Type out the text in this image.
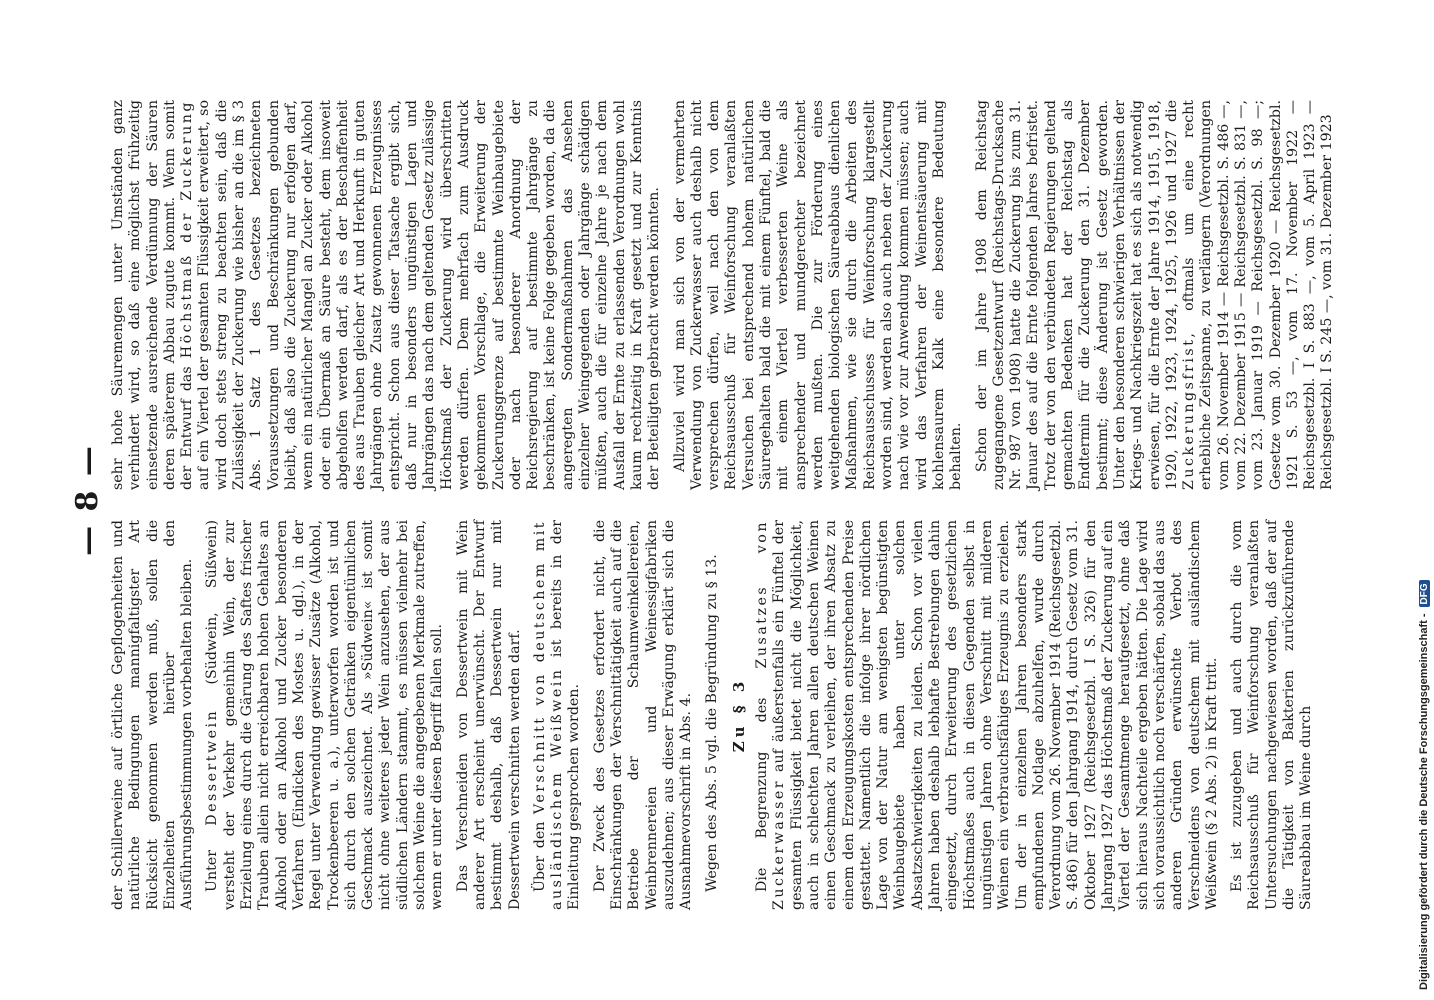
— 8 —

der Schillerweine auf örtliche Gepflogenheiten und natürliche Bedingungen mannigfaltigster Art Rücksicht genommen werden muß, sollen die Einzelheiten hierüber den Ausführungsbestimmungen vorbehalten bleiben. Unter Dessertwein (Südwein, Süßwein) versteht der Verkehr gemeinhin Wein, der zur Erzielung eines durch die Gärung des Saftes frischer Trauben allein nicht erreichbaren hohen Gehaltes an Alkohol oder an Alkohol und Zucker besonderen Verfahren (Eindicken des Mostes u. dgl.), in der Regel unter Verwendung gewisser Zusätze (Alkohol, Trockenbeeren u. a.), unterworfen worden ist und sich durch den solchen Getränken eigentümlichen Geschmack auszeichnet. Als »Südwein« ist somit nicht ohne weiteres jeder Wein anzusehen, der aus südlichen Ländern stammt, es müssen vielmehr bei solchem Weine die angegebenen Merkmale zutreffen, wenn er unter diesen Begriff fallen soll. Das Verschneiden von Dessertwein mit Wein anderer Art erscheint unerwünscht. Der Entwurf bestimmt deshalb, daß Dessertwein nur mit Dessertwein verschnitten werden darf. Über den Verschnitt von deutschem mit ausländischem Weißwein ist bereits in der Einleitung gesprochen worden. Der Zweck des Gesetzes erfordert nicht, die Einschränkungen der Verschnittätigkeit auch auf die Betriebe der Schaumweinkellereien, Weinbrennereien und Weinessigfabriken auszudehnen; aus dieser Erwägung erklärt sich die Ausnahmevorschrift in Abs. 4. Wegen des Abs. 5 vgl. die Begründung zu § 13. Zu § 3 Die Begrenzung des Zusatzes von Zuckerwasser auf äußerstenfalls ein Fünftel der gesamten Flüssigkeit bietet nicht die Möglichkeit, auch in schlechten Jahren allen deutschen Weinen einen Geschmack zu verleihen, der ihren Absatz zu einem den Erzeugungskosten entsprechenden Preise gestattet. Namentlich die infolge ihrer nördlichen Lage von der Natur am wenigsten begünstigten Weinbaugebiete haben unter solchen Absatzschwierigkeiten zu leiden. Schon vor vielen Jahren haben deshalb lebhafte Bestrebungen dahin eingesetzt, durch Erweiterung des gesetzlichen Höchstmaßes auch in diesen Gegenden selbst in ungünstigen Jahren ohne Verschnitt mit milderen Weinen ein verbrauchsfähiges Erzeugnis zu erzielen. Um der in einzelnen Jahren besonders stark empfundenen Notlage abzuhelfen, wurde durch Verordnung vom 26. November 1914 (Reichsgesetzbl. S. 486) für den Jahrgang 1914, durch Gesetz vom 31. Oktober 1927 (Reichsgesetzbl. I S. 326) für den Jahrgang 1927 das Höchstmaß der Zuckerung auf ein Viertel der Gesamtmenge heraufgesetzt, ohne daß sich hieraus Nachteile ergeben hätten. Die Lage wird sich voraussichtlich noch verschärfen, sobald das aus anderen Gründen erwünschte Verbot des Verschneidens von deutschem mit ausländischem Weißwein (§ 2 Abs. 2) in Kraft tritt. Es ist zuzugeben und auch durch die vom Reichsausschuß für Weinforschung veranlaßten Untersuchungen nachgewiesen worden, daß der auf die Tätigkeit von Bakterien zurückzuführende Säureabbau im Weine durch

sehr hohe Säuremengen unter Umständen ganz verhindert wird, so daß eine möglichst frühzeitig einsetzende ausreichende Verdünnung der Säuren deren späterem Abbau zugute kommt. Wenn somit der Entwurf das Höchstmaß der Zuckerung auf ein Viertel der gesamten Flüssigkeit erweitert, so wird doch stets streng zu beachten sein, daß die Zulässigkeit der Zuckerung wie bisher an die im § 3 Abs. 1 Satz 1 des Gesetzes bezeichneten Voraussetzungen und Beschränkungen gebunden bleibt, daß also die Zuckerung nur erfolgen darf, wenn ein natürlicher Mangel an Zucker oder Alkohol oder ein Übermaß an Säure besteht, dem insoweit abgeholfen werden darf, als es der Beschaffenheit des aus Trauben gleicher Art und Herkunft in guten Jahrgängen ohne Zusatz gewonnenen Erzeugnisses entspricht. Schon aus dieser Tatsache ergibt sich, daß nur in besonders ungünstigen Lagen und Jahrgängen das nach dem geltenden Gesetz zulässige Höchstmaß der Zuckerung wird überschritten werden dürfen. Dem mehrfach zum Ausdruck gekommenen Vorschlage, die Erweiterung der Zuckerungsgrenze auf bestimmte Weinbaugebiete oder nach besonderer Anordnung der Reichsregierung auf bestimmte Jahrgänge zu beschränken, ist keine Folge gegeben worden, da die angeregten Sondermaßnahmen das Ansehen einzelner Weingegenden oder Jahrgänge schädigen müßten, auch die für einzelne Jahre je nach dem Ausfall der Ernte zu erlassenden Verordnungen wohl kaum rechtzeitig in Kraft gesetzt und zur Kenntnis der Beteiligten gebracht werden könnten. Allzuviel wird man sich von der vermehrten Verwendung von Zuckerwasser auch deshalb nicht versprechen dürfen, weil nach den von dem Reichsausschuß für Weinforschung veranlaßten Versuchen bei entsprechend hohem natürlichen Säuregehalten bald die mit einem Fünftel, bald die mit einem Viertel verbesserten Weine als ansprechender und mundgerechter bezeichnet werden mußten. Die zur Förderung eines weitgehenden biologischen Säureabbaus dienlichen Maßnahmen, wie sie durch die Arbeiten des Reichsausschusses für Weinforschung klargestellt worden sind, werden also auch neben der Zuckerung nach wie vor zur Anwendung kommen müssen; auch wird das Verfahren der Weinentsäuerung mit kohlensaurem Kalk eine besondere Bedeutung behalten. Schon der im Jahre 1908 dem Reichstag zugegangene Gesetzentwurf (Reichstags-Drucksache Nr. 987 von 1908) hatte die Zuckerung bis zum 31. Januar des auf die Ernte folgenden Jahres befristet. Trotz der von den verbündeten Regierungen geltend gemachten Bedenken hat der Reichstag als Endtermin für die Zuckerung den 31. Dezember bestimmt; diese Änderung ist Gesetz geworden. Unter den besonderen schwierigen Verhältnissen der Kriegs- und Nachkriegszeit hat es sich als notwendig erwiesen, für die Ernte der Jahre 1914, 1915, 1918, 1920, 1922, 1923, 1924, 1925, 1926 und 1927 die Zuckerungsfrist, oftmals um eine recht erhebliche Zeitspanne, zu verlängern (Verordnungen vom 26. November 1914 — Reichsgesetzbl. S. 486 —, vom 22. Dezember 1915 — Reichsgesetzbl. S. 831 —, vom 23. Januar 1919 — Reichsgesetzbl. S. 98 —; Gesetze vom 30. Dezember 1920 — Reichsgesetzbl. 1921 S. 53 —, vom 17. November 1922 — Reichsgesetzbl. I S. 883 —, vom 5. April 1923 — Reichsgesetzbl. I S. 245 —, vom 31. Dezember 1923

Digitalisierung gefördert durch die Deutsche Forschungsgemeinschaft -DFG
